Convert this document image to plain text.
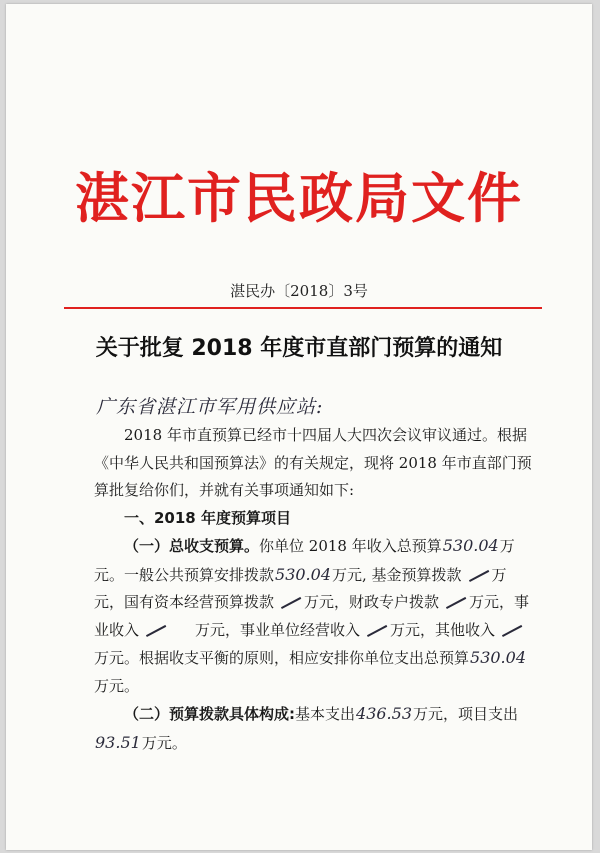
湛江市民政局文件
湛民办〔2018〕3号
关于批复 2018 年度市直部门预算的通知
广东省湛江市军用供应站:

2018 年市直预算已经市十四届人大四次会议审议通过。根据《中华人民共和国预算法》的有关规定，现将 2018 年市直部门预算批复给你们，并就有关事项通知如下:

一、2018 年度预算项目

（一）总收支预算。你单位 2018 年收入总预算530.04万元。一般公共预算安排拨款530.04万元, 基金预算拨款 万元，国有资本经营预算拨款 万元，财政专户拨款 万元，事业收入	万元，事业单位经营收入 万元，其他收入万元。根据收支平衡的原则，相应安排你单位支出总预算530.04万元。

（二）预算拨款具体构成:基本支出436.53万元，项目支出93.51万元。
